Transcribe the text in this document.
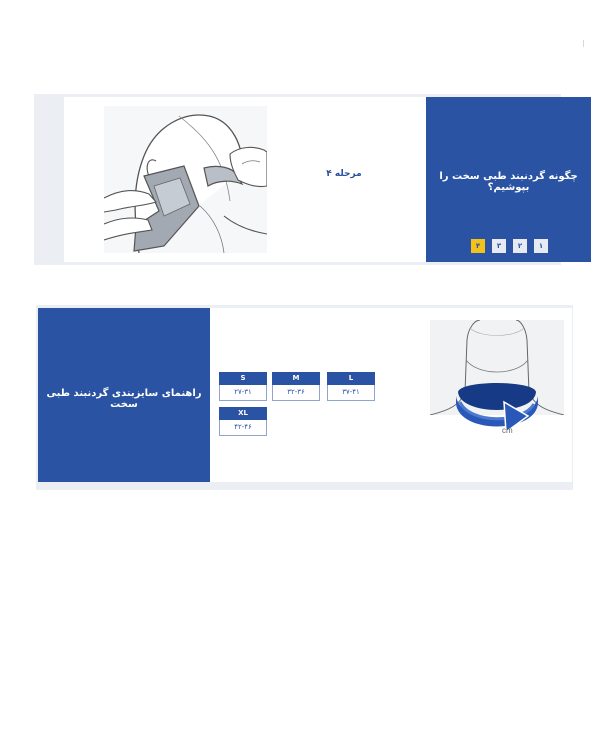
مرحله ۴	چگونه گردنبند طبی سخت را بپوشیم؟
۱
۲
۳
۴
راهنمای سایزبندی گردنبند طبی سخت
L
۳۷-۴۱
M
۳۲-۳۶
S
۲۷-۳۱
XL
۴۲-۴۶	cm
